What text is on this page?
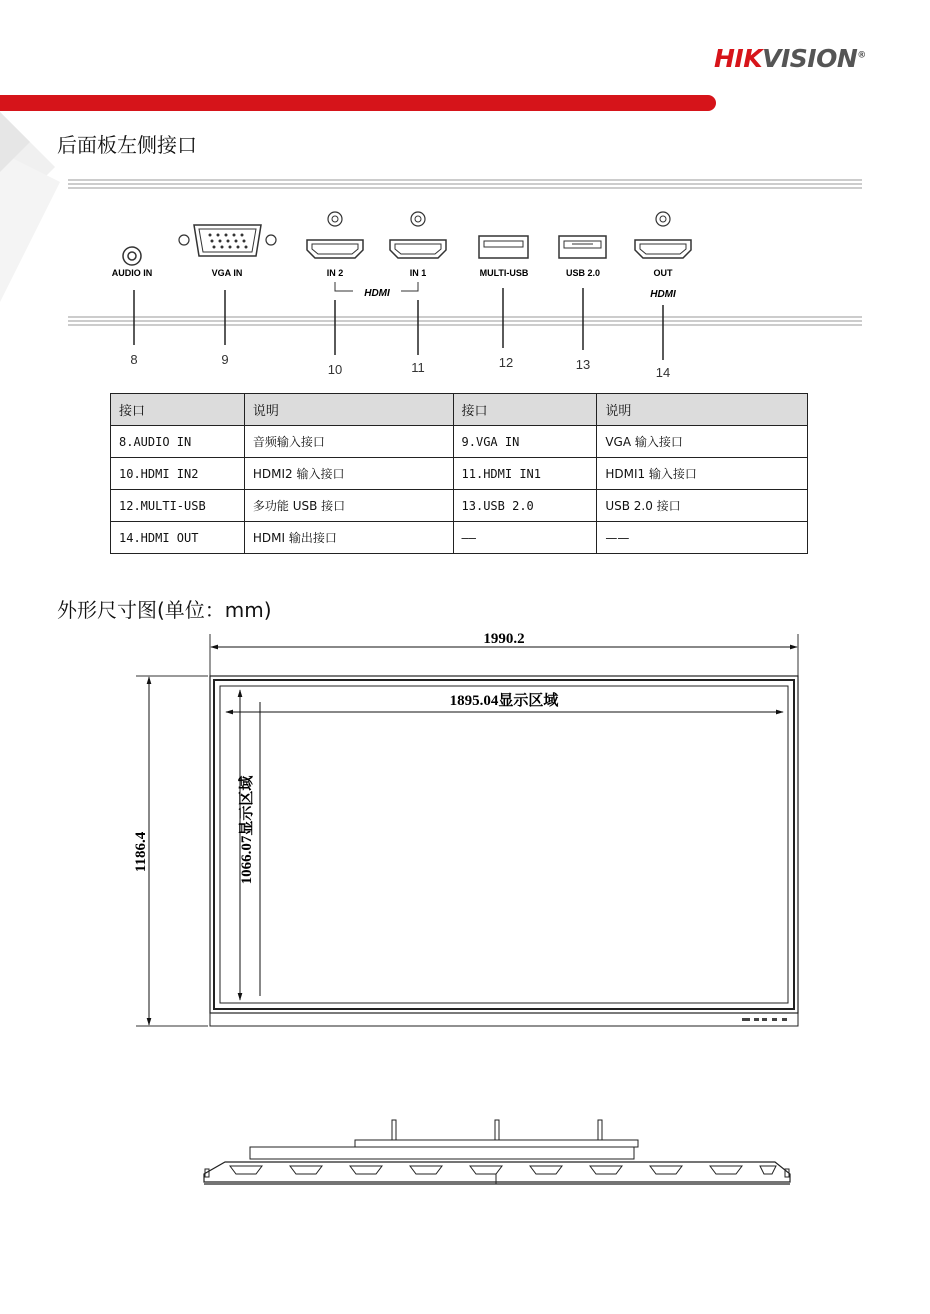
HIKVISION®
后面板左侧接口
AUDIO IN	VGA IN	IN 2	IN 1
HDMI
MULTI-USB	USB 2.0	OUT
HDMI
8	9
10	11	12	13
14
接口	说明	接口	说明
8.AUDIO IN	音频输入接口	9.VGA IN	VGA 输入接口
10.HDMI IN2	HDMI2 输入接口	11.HDMI IN1	HDMI1 输入接口
12.MULTI-USB	多功能 USB 接口	13.USB 2.0	USB 2.0 接口
14.HDMI OUT	HDMI 输出接口	——	——
外形尺寸图(单位：mm)
1990.2
1186.4
1895.04显示区域
1066.07显示区域
